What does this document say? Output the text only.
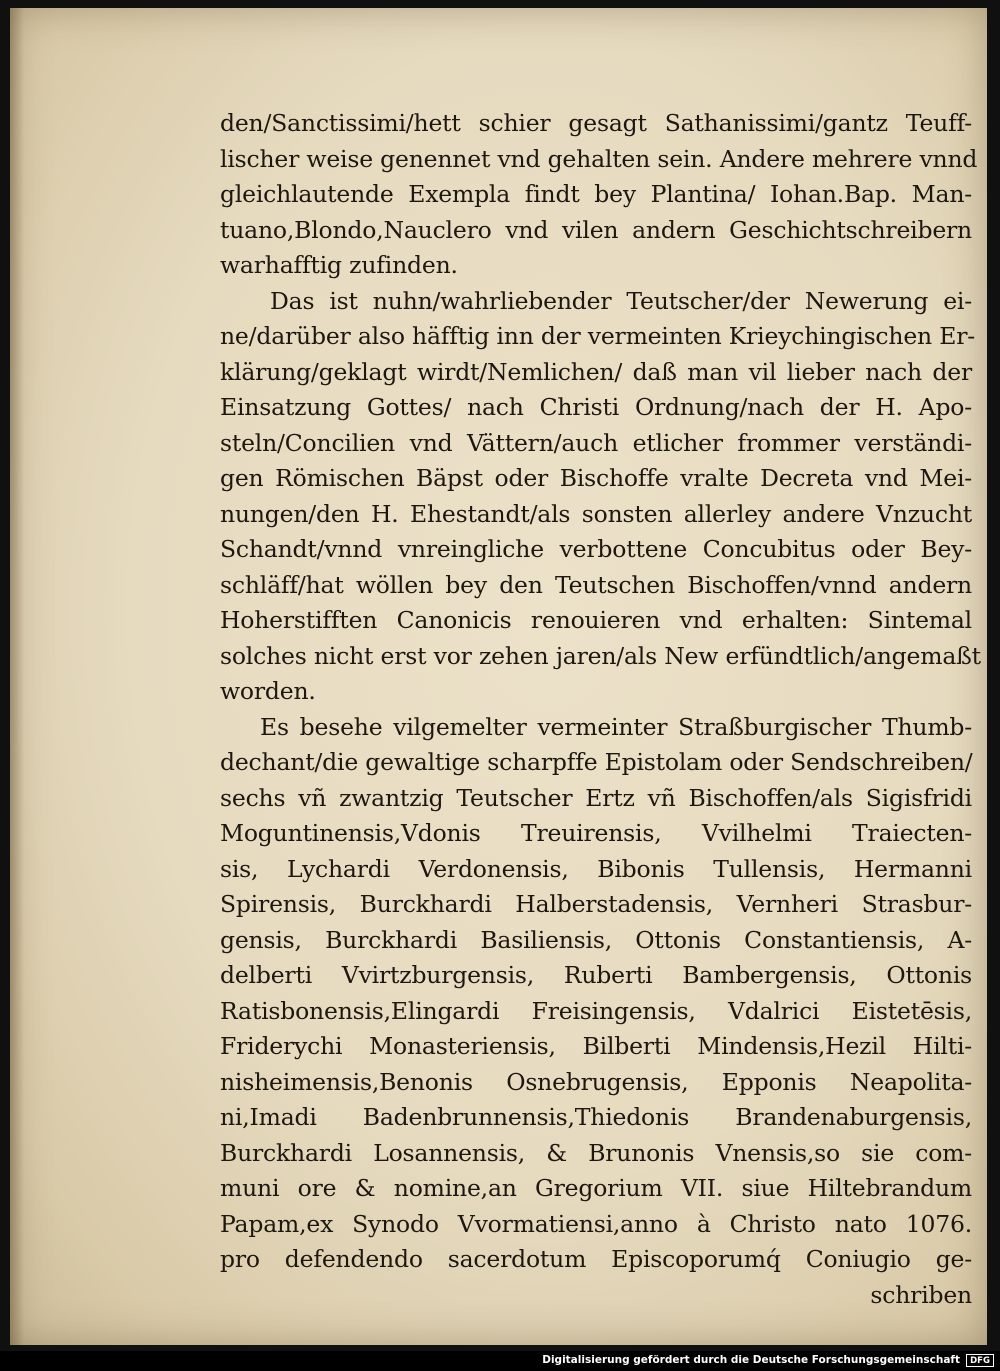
den/Sanctissimi/hett schier gesagt Sathanissimi/gantz Teuff-
lischer weise genennet vnd gehalten sein. Andere mehrere vnnd
gleichlautende Exempla findt bey Plantina/ Iohan.Bap. Man-
tuano,Blondo,Nauclero vnd vilen andern Geschichtschreibern
warhafftig zufinden.
Das ist nuhn/wahrliebender Teutscher/der Newerung ei-
ne/darüber also häfftig inn der vermeinten Krieychingischen Er-
klärung/geklagt wirdt/Nemlichen/ daß man vil lieber nach der
Einsatzung Gottes/ nach Christi Ordnung/nach der H. Apo-
steln/Concilien vnd Vättern/auch etlicher frommer verständi-
gen Römischen Bäpst oder Bischoffe vralte Decreta vnd Mei-
nungen/den H. Ehestandt/als sonsten allerley andere Vnzucht
Schandt/vnnd vnreingliche verbottene Concubitus oder Bey-
schläff/hat wöllen bey den Teutschen Bischoffen/vnnd andern
Hoherstifften Canonicis renouieren vnd erhalten: Sintemal
solches nicht erst vor zehen jaren/als New erfündtlich/angemaßt
worden.
Es besehe vilgemelter vermeinter Straßburgischer Thumb-
dechant/die gewaltige scharpffe Epistolam oder Sendschreiben/
sechs vñ zwantzig Teutscher Ertz vñ Bischoffen/als Sigisfridi
Moguntinensis,Vdonis Treuirensis, Vvilhelmi Traiecten-
sis, Lychardi Verdonensis, Bibonis Tullensis, Hermanni
Spirensis, Burckhardi Halberstadensis, Vernheri Strasbur-
gensis, Burckhardi Basiliensis, Ottonis Constantiensis, A-
delberti Vvirtzburgensis, Ruberti Bambergensis, Ottonis
Ratisbonensis,Elingardi Freisingensis, Vdalrici Eistetēsis,
Friderychi Monasteriensis, Bilberti Mindensis,Hezil Hilti-
nisheimensis,Benonis Osnebrugensis, Epponis Neapolita-
ni,Imadi Badenbrunnensis,Thiedonis Brandenaburgensis,
Burckhardi Losannensis, & Brunonis Vnensis,so sie com-
muni ore & nomine,an Gregorium VII. siue Hiltebrandum
Papam,ex Synodo Vvormatiensi,anno à Christo nato 1076.
pro defendendo sacerdotum Episcoporumq́ Coniugio ge-
schriben
Digitalisierung gefördert durch die Deutsche Forschungsgemeinschaft	DFG
